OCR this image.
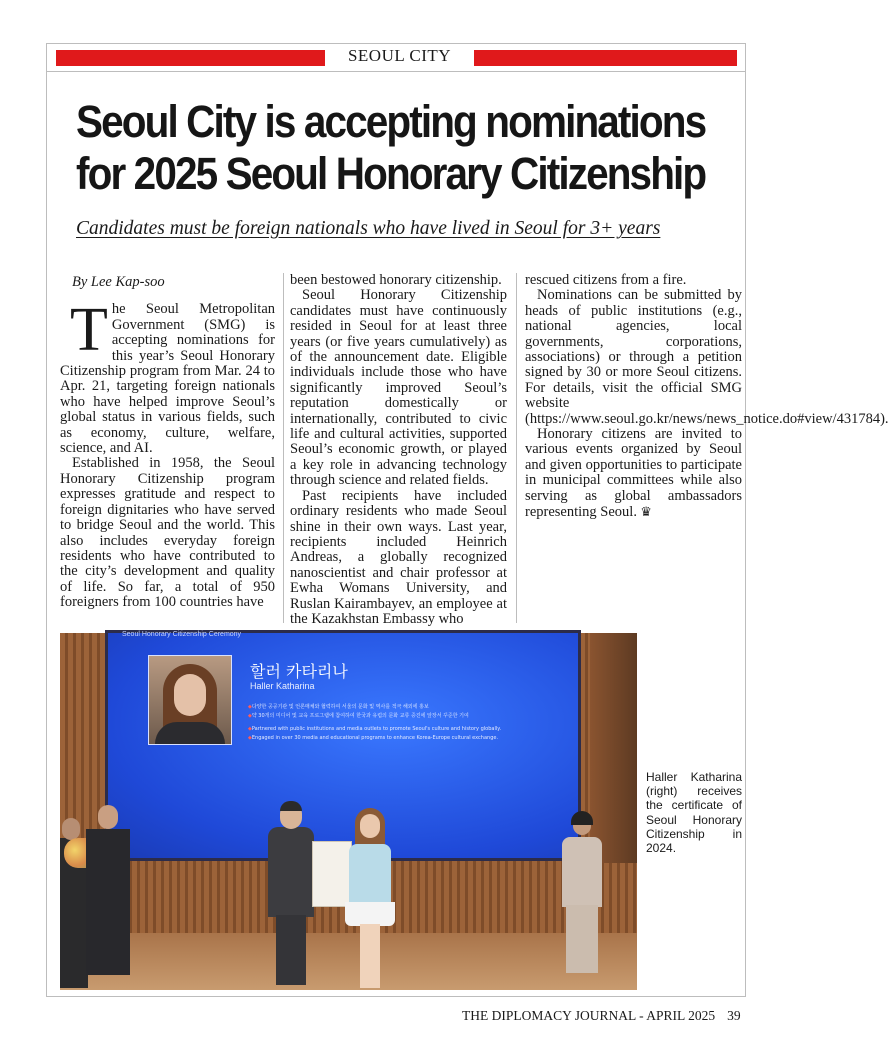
SEOUL CITY
Seoul City is accepting nominations
for 2025 Seoul Honorary Citizenship

Candidates must be foreign nationals who have lived in Seoul for 3+ years

By Lee Kap-soo

The Seoul Metropolitan Government (SMG) is accepting nominations for this year’s Seoul Honorary Citizenship program from Mar. 24 to Apr. 21, targeting foreign nationals who have helped improve Seoul’s global status in various fields, such as economy, culture, welfare, science, and AI.

Established in 1958, the Seoul Honorary Citizenship program expresses gratitude and respect to foreign dignitaries who have served to bridge Seoul and the world. This also includes everyday foreign residents who have contributed to the city’s development and quality of life. So far, a total of 950 foreigners from 100 countries have

been bestowed honorary citizenship.

Seoul Honorary Citizenship candidates must have continuously resided in Seoul for at least three years (or five years cumulatively) as of the announcement date. Eligible individuals include those who have significantly improved Seoul’s reputation domestically or internationally, contributed to civic life and cultural activities, supported Seoul’s economic growth, or played a key role in advancing technology through science and related fields.

Past recipients have included ordinary residents who made Seoul shine in their own ways. Last year, recipients included Heinrich Andreas, a globally recognized nanoscientist and chair professor at Ewha Womans University, and Ruslan Kairambayev, an employee at the Kazakhstan Embassy who

rescued citizens from a fire.

Nominations can be submitted by heads of public institutions (e.g., national agencies, local governments, corporations, associations) or through a petition signed by 30 or more Seoul citizens. For details, visit the official SMG website (https://www.seoul.go.kr/news/news_notice.do#view/431784).

Honorary citizens are invited to various events organized by Seoul and given opportunities to participate in municipal committees while also serving as global ambassadors representing Seoul. ♛

Seoul Honorary Citizenship Ceremony
할러 카타리나
Haller Katharina
◆ 다양한 공공기관 및 언론매체와 협력하여 서울의 문화 및 역사를 적극 해외에 홍보
◆ 약 30개의 미디어 및 교육 프로그램에 참여하여 한국과 유럽의 문화 교류 증진에 앞장서 꾸준한 기여
◆ Partnered with public institutions and media outlets to promote Seoul's culture and history globally.
◆ Engaged in over 30 media and educational programs to enhance Korea-Europe cultural exchange.

Haller Katharina (right) receives the certificate of Seoul Honorary Citizenship in 2024.

THE DIPLOMACY JOURNAL - APRIL 2025 39
